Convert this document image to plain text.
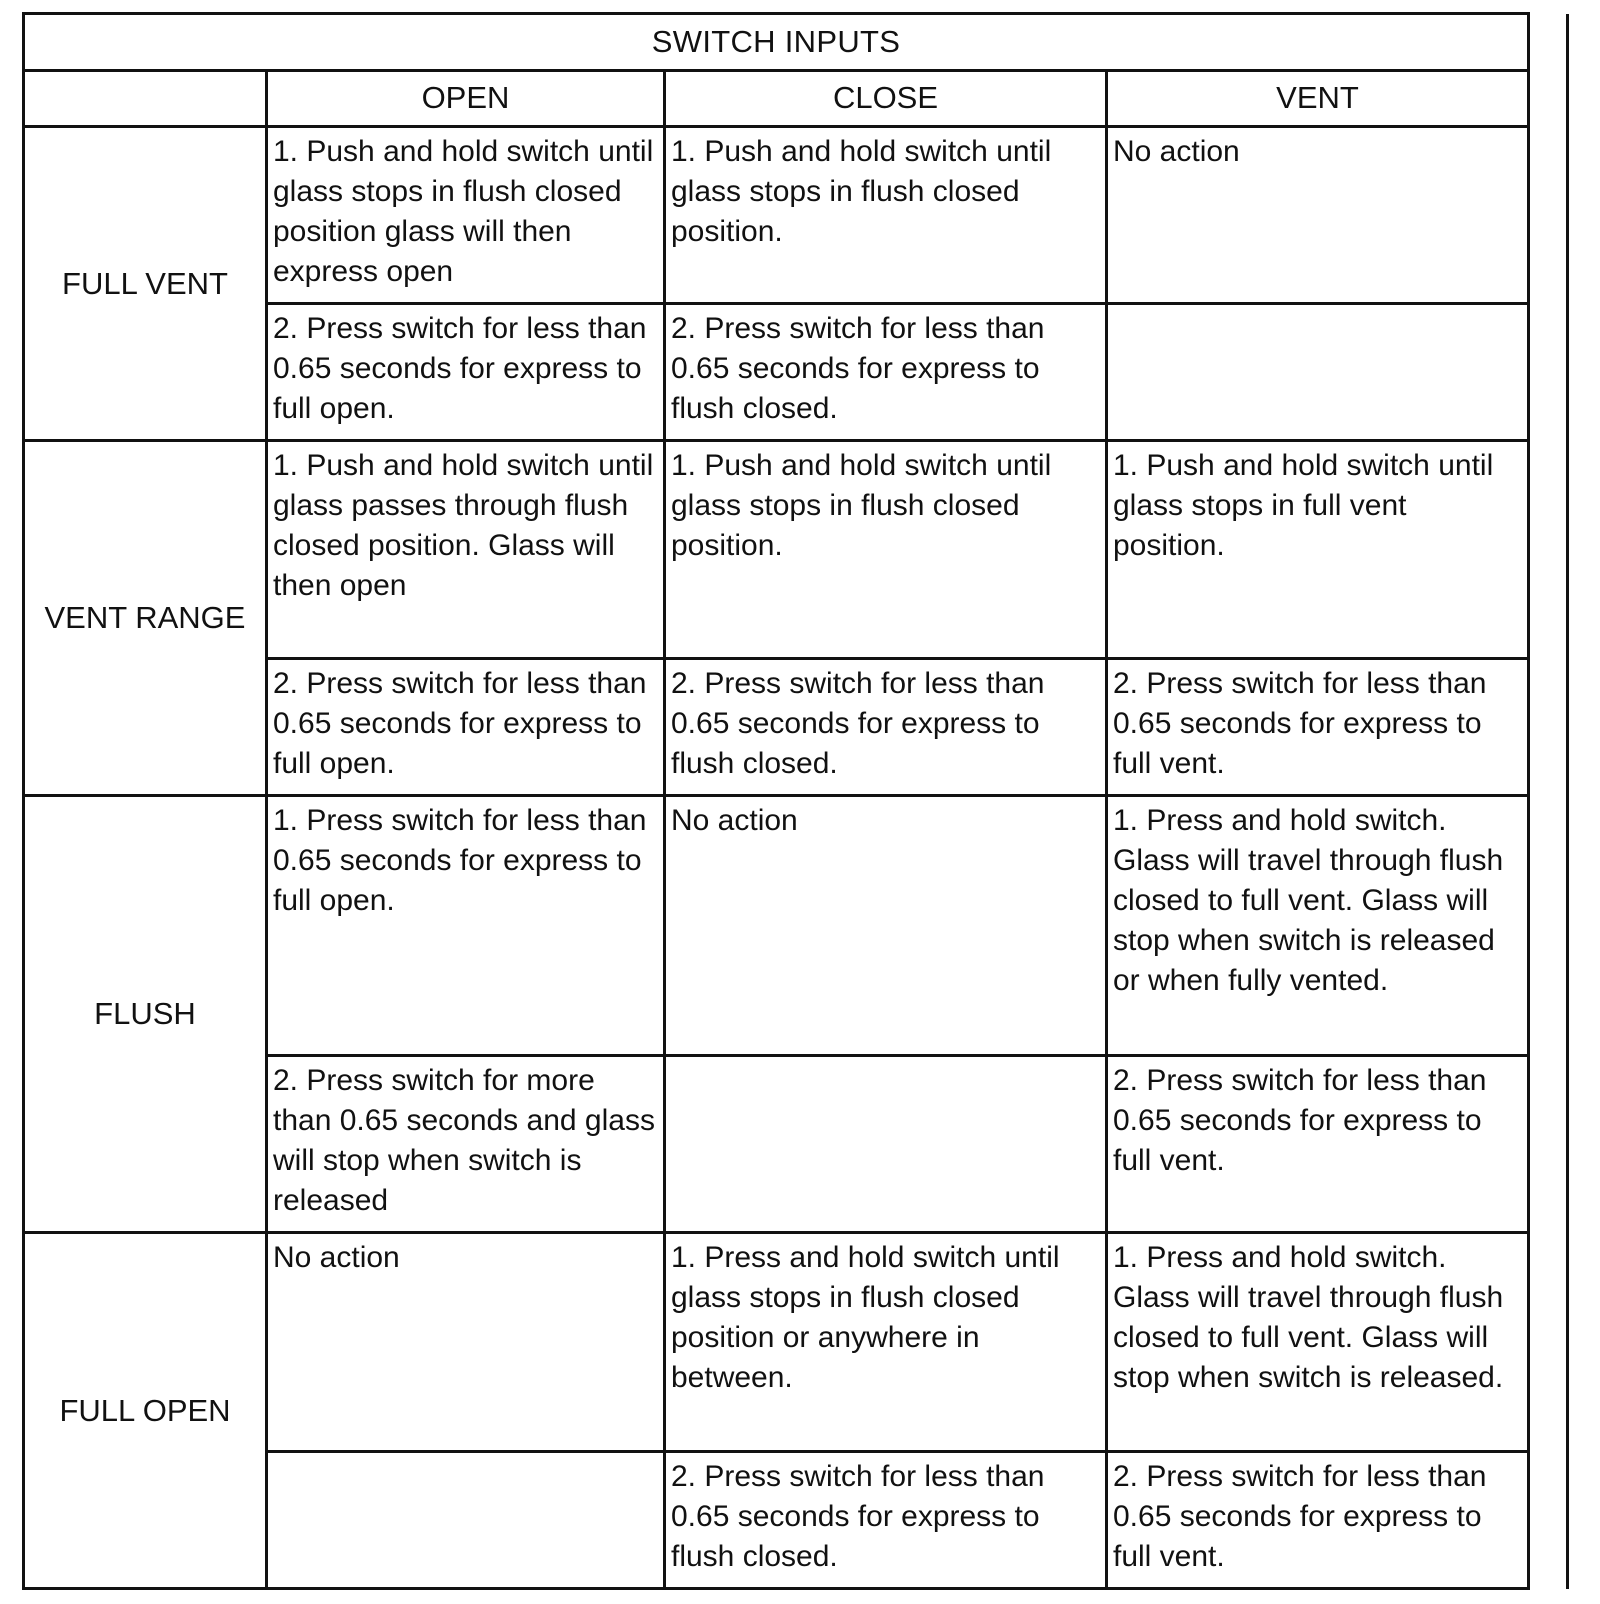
SWITCH INPUTS				
	OPEN	CLOSE	VENT	
FULL VENT	1. Push and hold switch until glass stops in flush closed position glass will then express open	1. Push and hold switch until glass stops in flush closed position.	No action	
	2. Press switch for less than 0.65 seconds for express to full open.	2. Press switch for less than 0.65 seconds for express to flush closed.		
VENT RANGE	1. Push and hold switch until glass passes through flush closed position. Glass will then open	1. Push and hold switch until glass stops in flush closed position.	1. Push and hold switch until glass stops in full vent position.	
	2. Press switch for less than 0.65 seconds for express to full open.	2. Press switch for less than 0.65 seconds for express to flush closed.	2. Press switch for less than 0.65 seconds for express to full vent.	
FLUSH	1. Press switch for less than 0.65 seconds for express to full open.	No action	1. Press and hold switch. Glass will travel through flush closed to full vent. Glass will stop when switch is released or when fully vented.	
	2. Press switch for more than 0.65 seconds and glass will stop when switch is released		2. Press switch for less than 0.65 seconds for express to full vent.	
FULL OPEN	No action	1. Press and hold switch until glass stops in flush closed position or anywhere in between.	1. Press and hold switch. Glass will travel through flush closed to full vent. Glass will stop when switch is released.	
		2. Press switch for less than 0.65 seconds for express to flush closed.	2. Press switch for less than 0.65 seconds for express to full vent.	
